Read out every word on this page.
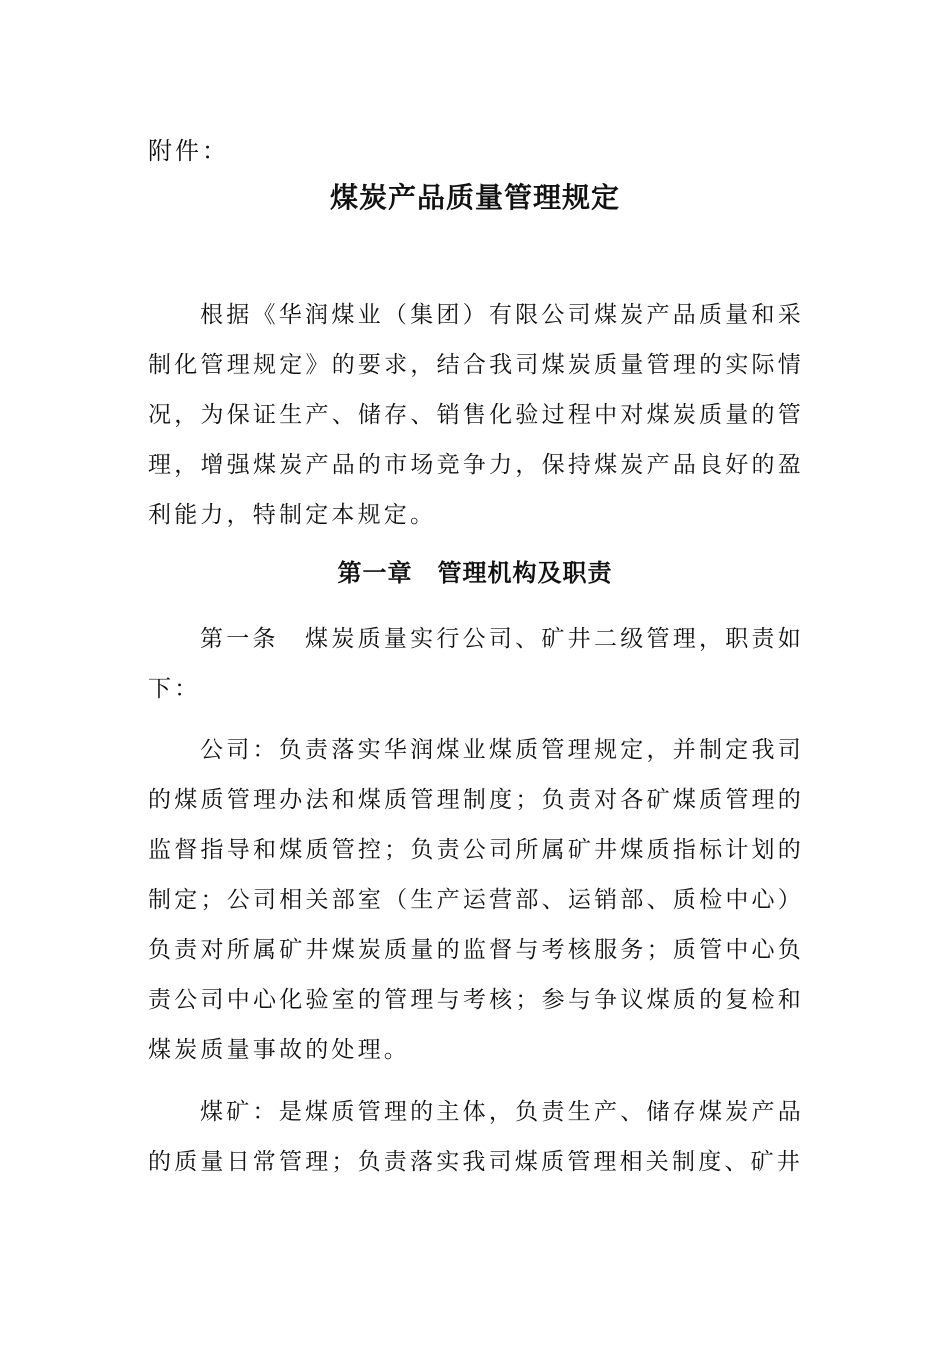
附件：
煤炭产品质量管理规定

根据《华润煤业（集团）有限公司煤炭产品质量和采制化管理规定》的要求，结合我司煤炭质量管理的实际情况，为保证生产、储存、销售化验过程中对煤炭质量的管理，增强煤炭产品的市场竞争力，保持煤炭产品良好的盈利能力，特制定本规定。

第一章　管理机构及职责

第一条　煤炭质量实行公司、矿井二级管理，职责如下：

公司：负责落实华润煤业煤质管理规定，并制定我司的煤质管理办法和煤质管理制度；负责对各矿煤质管理的监督指导和煤质管控；负责公司所属矿井煤质指标计划的制定；公司相关部室（生产运营部、运销部、质检中心）负责对所属矿井煤炭质量的监督与考核服务；质管中心负责公司中心化验室的管理与考核；参与争议煤质的复检和煤炭质量事故的处理。

煤矿：是煤质管理的主体，负责生产、储存煤炭产品的质量日常管理；负责落实我司煤质管理相关制度、矿井
